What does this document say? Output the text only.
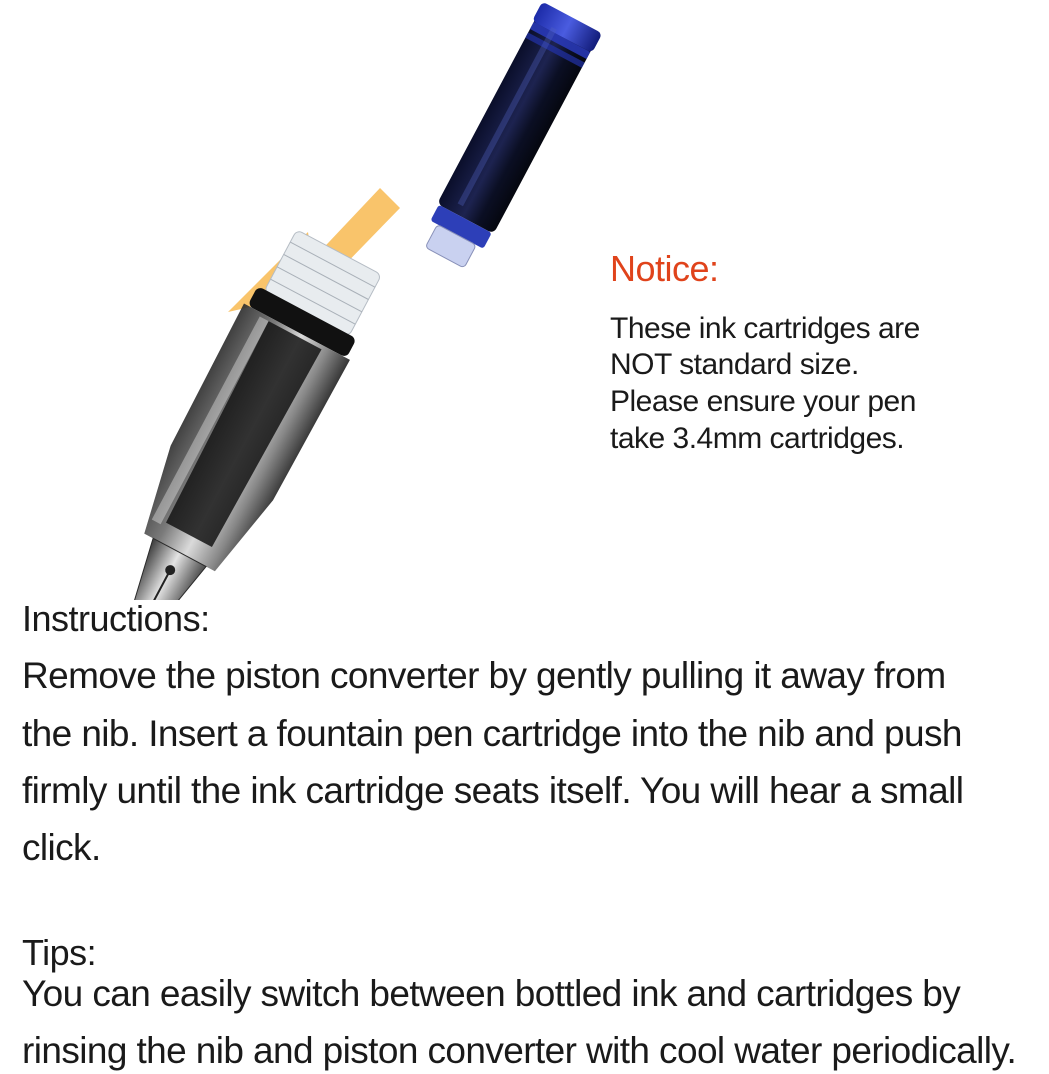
Notice:
These ink cartridges are
NOT standard size.
Please ensure your pen
take 3.4mm cartridges.
Instructions:
Remove the piston converter by gently pulling it away from
the nib. Insert a fountain pen cartridge into the nib and push
firmly until the ink cartridge seats itself. You will hear a small
click.
Tips:
You can easily switch between bottled ink and cartridges by
rinsing the nib and piston converter with cool water periodically.
